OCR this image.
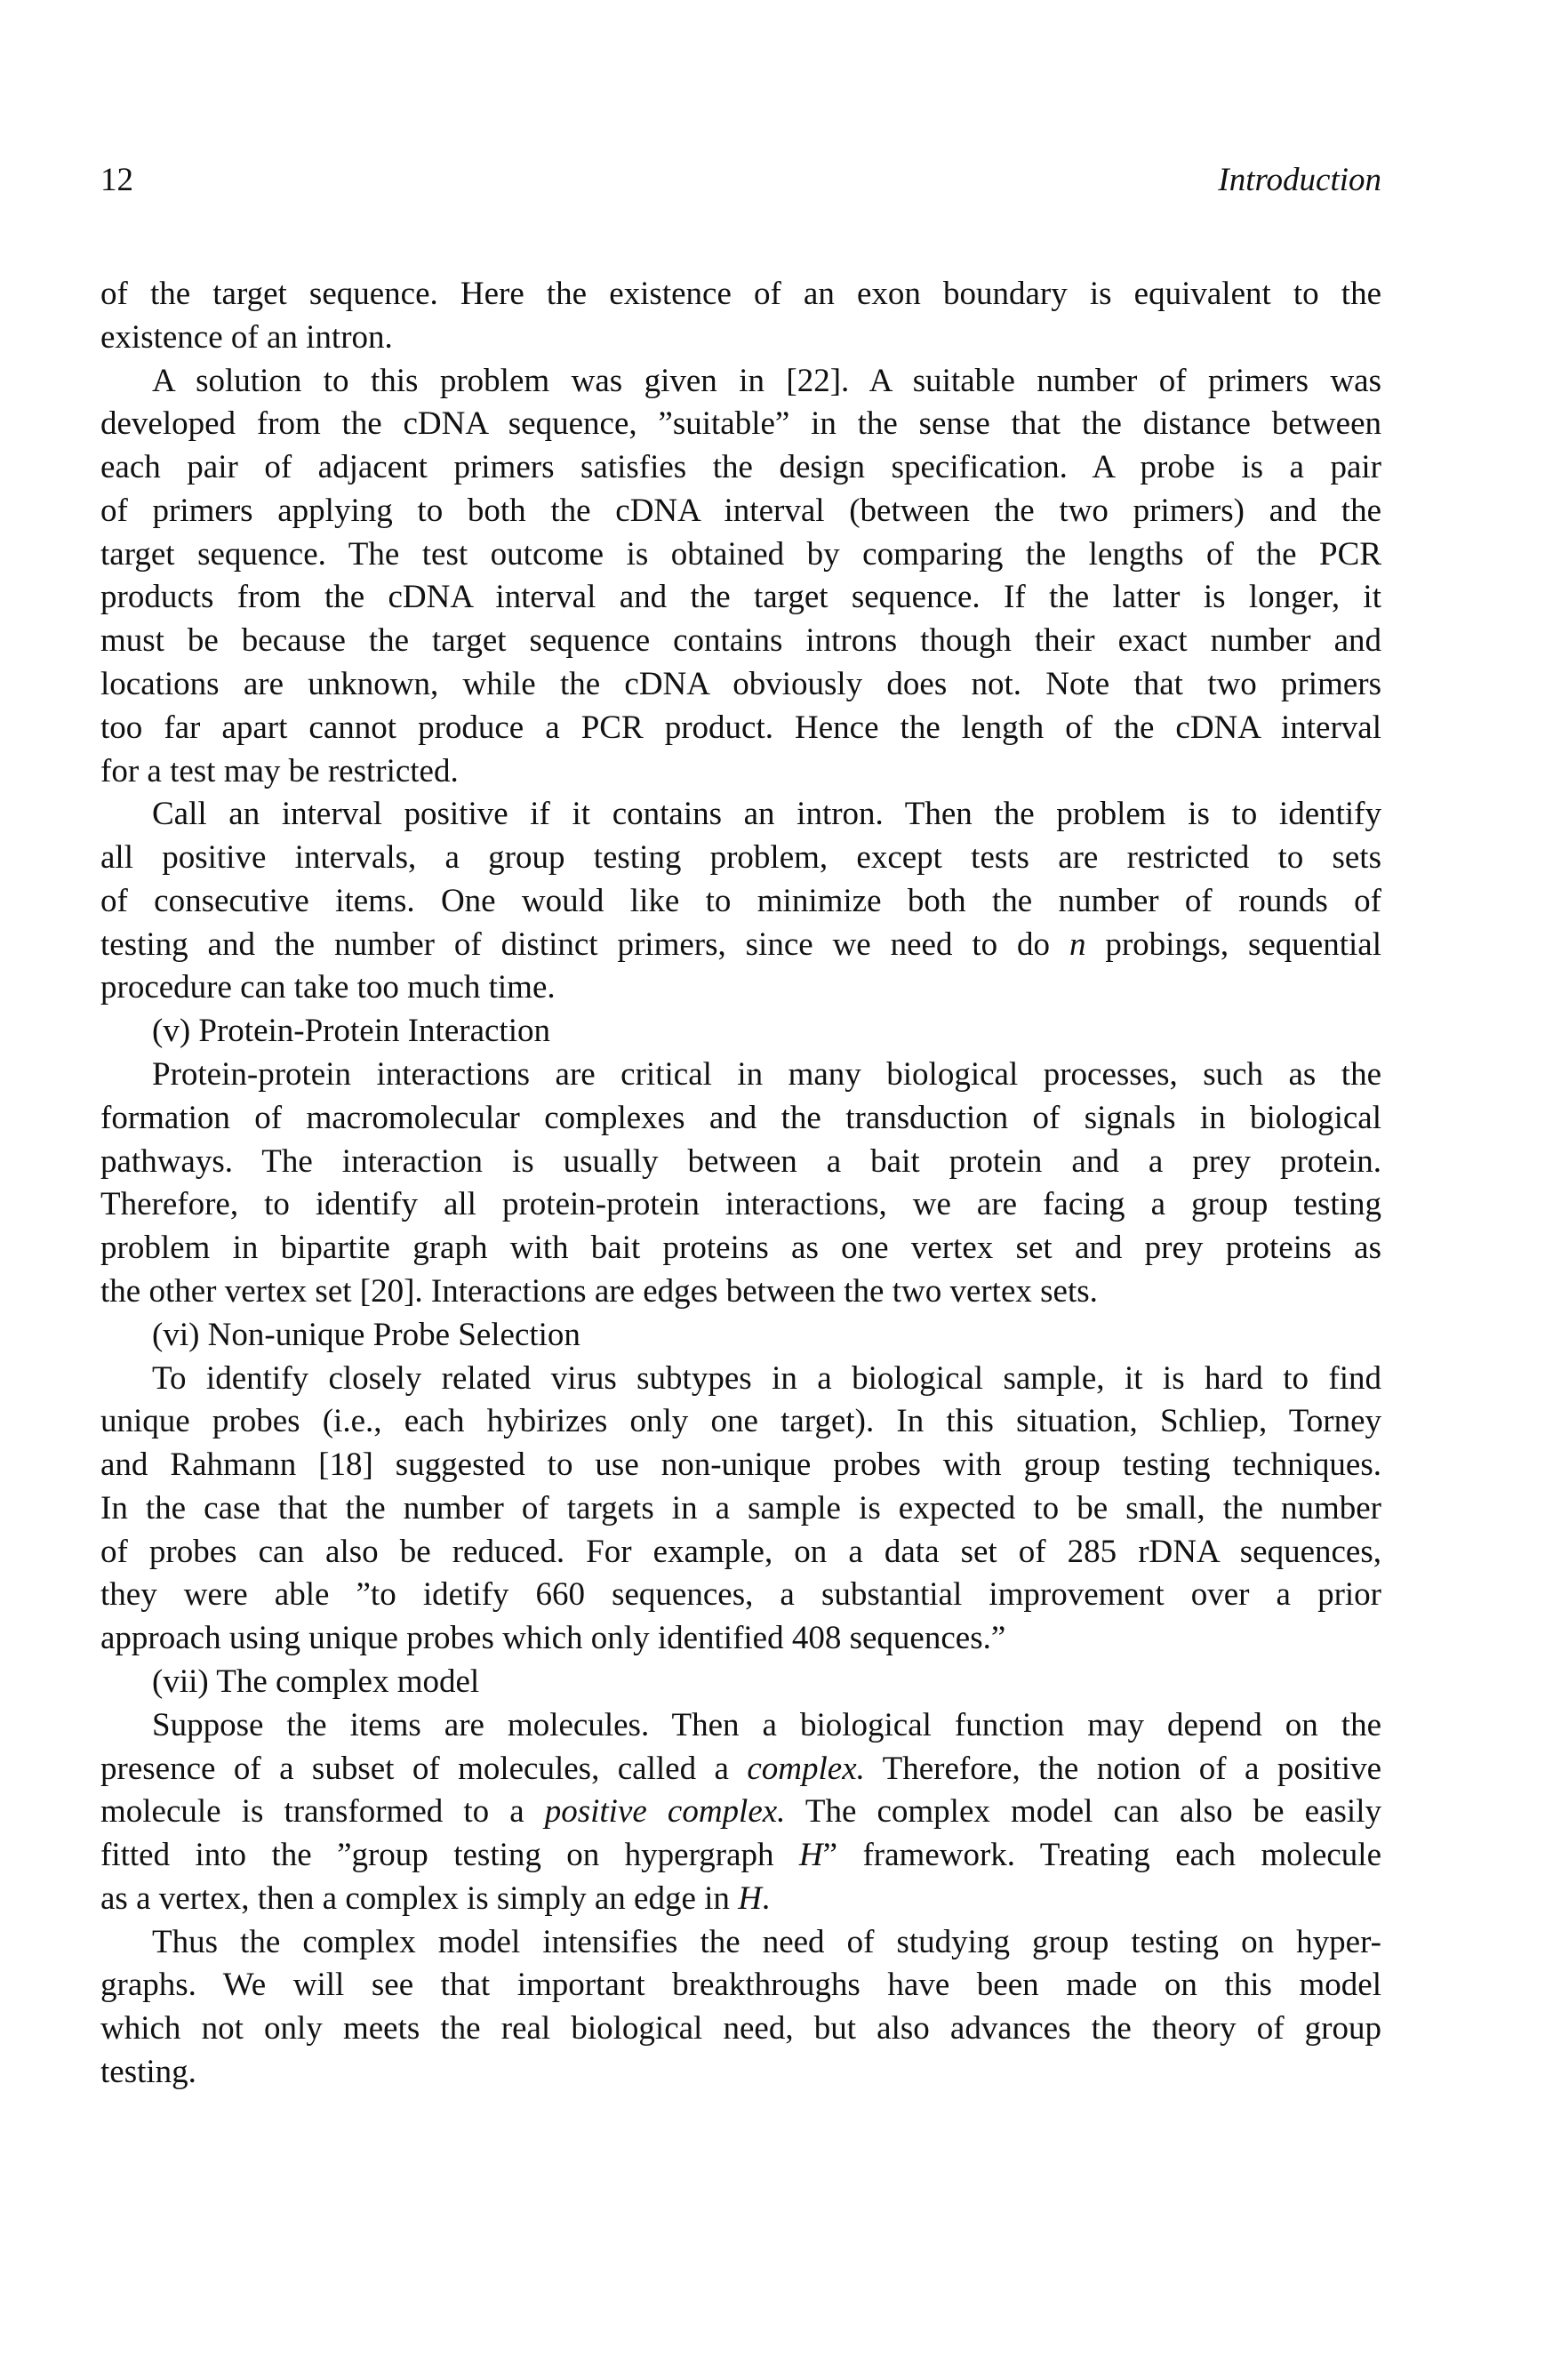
12	Introduction
of the target sequence. Here the existence of an exon boundary is equivalent to the
existence of an intron.
A solution to this problem was given in [22]. A suitable number of primers was
developed from the cDNA sequence, ”suitable” in the sense that the distance between
each pair of adjacent primers satisfies the design specification. A probe is a pair
of primers applying to both the cDNA interval (between the two primers) and the
target sequence. The test outcome is obtained by comparing the lengths of the PCR
products from the cDNA interval and the target sequence. If the latter is longer, it
must be because the target sequence contains introns though their exact number and
locations are unknown, while the cDNA obviously does not. Note that two primers
too far apart cannot produce a PCR product. Hence the length of the cDNA interval
for a test may be restricted.
Call an interval positive if it contains an intron. Then the problem is to identify
all positive intervals, a group testing problem, except tests are restricted to sets
of consecutive items. One would like to minimize both the number of rounds of
testing and the number of distinct primers, since we need to do n probings, sequential
procedure can take too much time.
(v) Protein-Protein Interaction
Protein-protein interactions are critical in many biological processes, such as the
formation of macromolecular complexes and the transduction of signals in biological
pathways. The interaction is usually between a bait protein and a prey protein.
Therefore, to identify all protein-protein interactions, we are facing a group testing
problem in bipartite graph with bait proteins as one vertex set and prey proteins as
the other vertex set [20]. Interactions are edges between the two vertex sets.
(vi) Non-unique Probe Selection
To identify closely related virus subtypes in a biological sample, it is hard to find
unique probes (i.e., each hybirizes only one target). In this situation, Schliep, Torney
and Rahmann [18] suggested to use non-unique probes with group testing techniques.
In the case that the number of targets in a sample is expected to be small, the number
of probes can also be reduced. For example, on a data set of 285 rDNA sequences,
they were able ”to idetify 660 sequences, a substantial improvement over a prior
approach using unique probes which only identified 408 sequences.”
(vii) The complex model
Suppose the items are molecules. Then a biological function may depend on the
presence of a subset of molecules, called a complex. Therefore, the notion of a positive
molecule is transformed to a positive complex. The complex model can also be easily
fitted into the ”group testing on hypergraph H” framework. Treating each molecule
as a vertex, then a complex is simply an edge in H.
Thus the complex model intensifies the need of studying group testing on hyper-
graphs. We will see that important breakthroughs have been made on this model
which not only meets the real biological need, but also advances the theory of group
testing.
